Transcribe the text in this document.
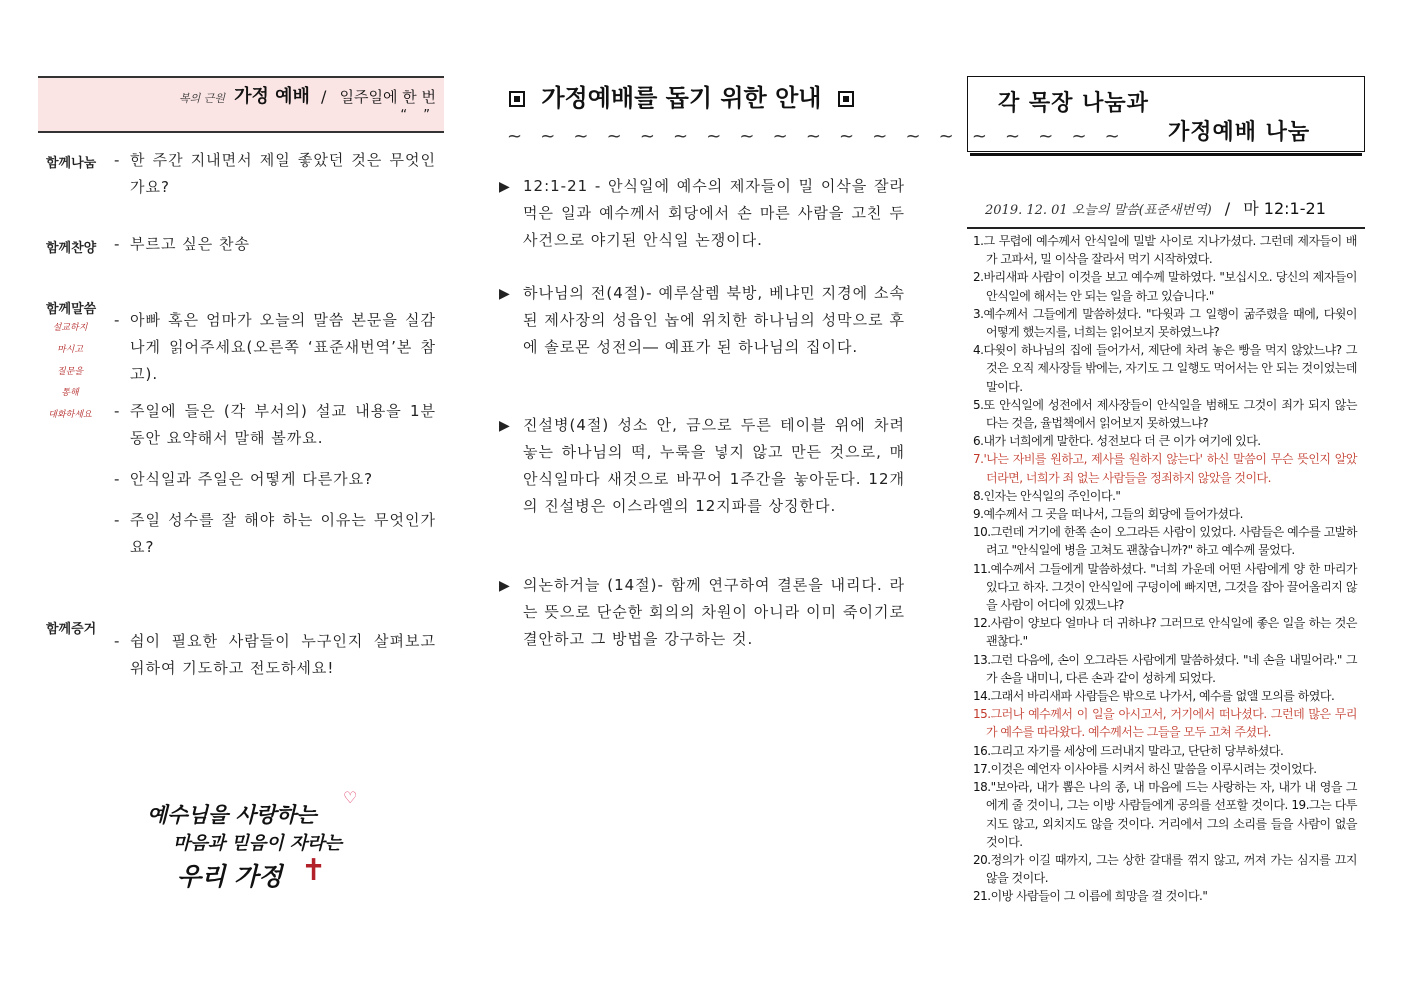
복의 근원 가정 예배 / 일주일에 한 번
“ ”
함께나눔 - 한 주간 지내면서 제일 좋았던 것은 무엇인가요?
함께찬양 - 부르고 싶은 찬송
함께말씀
설교하지
마시고
질문을
통해
대화하세요
- 아빠 혹은 엄마가 오늘의 말씀 본문을 실감나게 읽어주세요(오른쪽 ‘표준새번역’본 참고).
- 주일에 들은 (각 부서의) 설교 내용을 1분 동안 요약해서 말해 볼까요.
- 안식일과 주일은 어떻게 다른가요?
- 주일 성수를 잘 해야 하는 이유는 무엇인가요?
함께증거
- 쉼이 필요한 사람들이 누구인지 살펴보고 위하여 기도하고 전도하세요!
♡
예수님을 사랑하는
마음과 믿음이 자라는
우리 가정 ✝
가정예배를 돕기 위한 안내
~ ~ ~ ~ ~ ~ ~ ~ ~ ~ ~ ~ ~ ~ ~ ~ ~ ~ ~
▶ 12:1-21 - 안식일에 예수의 제자들이 밀 이삭을 잘라먹은 일과 예수께서 회당에서 손 마른 사람을 고친 두 사건으로 야기된 안식일 논쟁이다.
▶ 하나님의 전(4절)- 예루살렘 북방, 베냐민 지경에 소속된 제사장의 성읍인 놉에 위치한 하나님의 성막으로 후에 솔로몬 성전의― 예표가 된 하나님의 집이다.
▶ 진설병(4절) 성소 안, 금으로 두른 테이블 위에 차려 놓는 하나님의 떡, 누룩을 넣지 않고 만든 것으로, 매 안식일마다 새것으로 바꾸어 1주간을 놓아둔다. 12개의 진설병은 이스라엘의 12지파를 상징한다.
▶ 의논하거늘 (14절)- 함께 연구하여 결론을 내리다. 라는 뜻으로 단순한 회의의 차원이 아니라 이미 죽이기로 결안하고 그 방법을 강구하는 것.
각 목장 나눔과
가정예배 나눔
2019. 12. 01 오늘의 말씀(표준새번역) / 마 12:1-21
1.그 무렵에 예수께서 안식일에 밀밭 사이로 지나가셨다. 그런데 제자들이 배가 고파서, 밀 이삭을 잘라서 먹기 시작하였다.
2.바리새파 사람이 이것을 보고 예수께 말하였다. "보십시오. 당신의 제자들이 안식일에 해서는 안 되는 일을 하고 있습니다."
3.예수께서 그들에게 말씀하셨다. "다윗과 그 일행이 굶주렸을 때에, 다윗이 어떻게 했는지를, 너희는 읽어보지 못하였느냐?
4.다윗이 하나님의 집에 들어가서, 제단에 차려 놓은 빵을 먹지 않았느냐? 그것은 오직 제사장들 밖에는, 자기도 그 일행도 먹어서는 안 되는 것이었는데 말이다.
5.또 안식일에 성전에서 제사장들이 안식일을 범해도 그것이 죄가 되지 않는다는 것을, 율법책에서 읽어보지 못하였느냐?
6.내가 너희에게 말한다. 성전보다 더 큰 이가 여기에 있다.
7.'나는 자비를 원하고, 제사를 원하지 않는다' 하신 말씀이 무슨 뜻인지 알았더라면, 너희가 죄 없는 사람들을 정죄하지 않았을 것이다.
8.인자는 안식일의 주인이다."
9.예수께서 그 곳을 떠나서, 그들의 회당에 들어가셨다.
10.그런데 거기에 한쪽 손이 오그라든 사람이 있었다. 사람들은 예수를 고발하려고 "안식일에 병을 고쳐도 괜찮습니까?" 하고 예수께 물었다.
11.예수께서 그들에게 말씀하셨다. "너희 가운데 어떤 사람에게 양 한 마리가 있다고 하자. 그것이 안식일에 구덩이에 빠지면, 그것을 잡아 끌어올리지 않을 사람이 어디에 있겠느냐?
12.사람이 양보다 얼마나 더 귀하냐? 그러므로 안식일에 좋은 일을 하는 것은 괜찮다."
13.그런 다음에, 손이 오그라든 사람에게 말씀하셨다. "네 손을 내밀어라." 그가 손을 내미니, 다른 손과 같이 성하게 되었다.
14.그래서 바리새파 사람들은 밖으로 나가서, 예수를 없앨 모의를 하였다.
15.그러나 예수께서 이 일을 아시고서, 거기에서 떠나셨다. 그런데 많은 무리가 예수를 따라왔다. 예수께서는 그들을 모두 고쳐 주셨다.
16.그리고 자기를 세상에 드러내지 말라고, 단단히 당부하셨다.
17.이것은 예언자 이사야를 시켜서 하신 말씀을 이루시려는 것이었다.
18."보아라, 내가 뽑은 나의 종, 내 마음에 드는 사랑하는 자, 내가 내 영을 그에게 줄 것이니, 그는 이방 사람들에게 공의를 선포할 것이다. 19.그는 다투지도 않고, 외치지도 않을 것이다. 거리에서 그의 소리를 들을 사람이 없을 것이다.
20.정의가 이길 때까지, 그는 상한 갈대를 꺾지 않고, 꺼져 가는 심지를 끄지 않을 것이다.
21.이방 사람들이 그 이름에 희망을 걸 것이다."
